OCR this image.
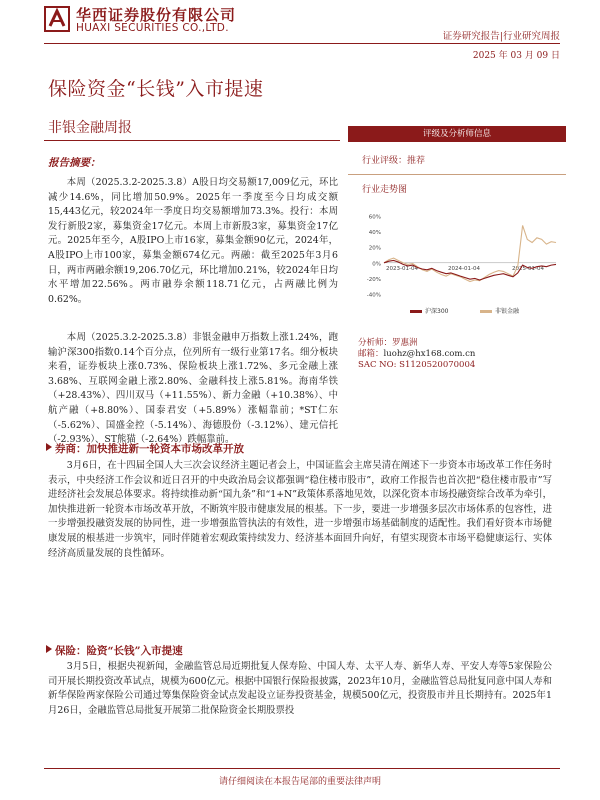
华西证券股份有限公司
HUAXI SECURITIES CO.,LTD.
证券研究报告|行业研究周报
2025 年 03 月 09 日
保险资金“长钱”入市提速
非银金融周报	评级及分析师信息
行业评级：推荐
行业走势图
60%
40%
20%
0%
-20%
-40%
2023-01-04	2024-01-04	2025-01-04
沪深300	非银金融
分析师：罗惠洲
邮箱：luohz@hx168.com.cn
SAC NO: S1120520070004
报告摘要：
本周（2025.3.2-2025.3.8）A股日均交易额17,009亿元，环比减少14.6%，同比增加50.9%。2025年一季度至今日均成交额15,443亿元，较2024年一季度日均交易额增加73.3%。投行：本周发行新股2家，募集资金17亿元。本周上市新股3家，募集资金17亿元。2025年至今，A股IPO上市16家，募集金额90亿元，2024年，A股IPO上市100家，募集金额674亿元。两融：截至2025年3月6日，两市两融余额19,206.70亿元，环比增加0.21%，较2024年日均水平增加22.56%。两市融券余额118.71亿元，占两融比例为0.62%。
本周（2025.3.2-2025.3.8）非银金融申万指数上涨1.24%，跑输沪深300指数0.14个百分点，位列所有一级行业第17名。细分板块来看，证券板块上涨0.73%、保险板块上涨1.72%、多元金融上涨3.68%、互联网金融上涨2.80%、金融科技上涨5.81%。海南华铁（+28.43%）、四川双马（+11.55%）、新力金融（+10.38%）、中航产融（+8.80%）、国泰君安（+5.89%）涨幅靠前；*ST仁东（-5.62%）、国盛金控（-5.14%）、海德股份（-3.12%）、建元信托（-2.93%）、ST熊猫（-2.64%）跌幅靠前。
券商：加快推进新一轮资本市场改革开放
3月6日，在十四届全国人大三次会议经济主题记者会上，中国证监会主席吴清在阐述下一步资本市场改革工作任务时表示，中央经济工作会议和近日召开的中央政治局会议都强调“稳住楼市股市”，政府工作报告也首次把“稳住楼市股市”写进经济社会发展总体要求。将持续推动新“国九条”和“1+N”政策体系落地见效，以深化资本市场投融资综合改革为牵引，加快推进新一轮资本市场改革开放，不断筑牢股市健康发展的根基。下一步，要进一步增强多层次市场体系的包容性，进一步增强投融资发展的协同性，进一步增强监管执法的有效性，进一步增强市场基础制度的适配性。我们看好资本市场健康发展的根基进一步筑牢，同时伴随着宏观政策持续发力、经济基本面回升向好，有望实现资本市场平稳健康运行、实体经济高质量发展的良性循环。
保险：险资“长钱”入市提速
3月5日，根据央视新闻，金融监管总局近期批复人保寿险、中国人寿、太平人寿、新华人寿、平安人寿等5家保险公司开展长期投资改革试点，规模为600亿元。根据中国银行保险报披露，2023年10月，金融监管总局批复同意中国人寿和新华保险两家保险公司通过筹集保险资金试点发起设立证券投资基金，规模500亿元，投资股市并且长期持有。2025年1月26日，金融监管总局批复开展第二批保险资金长期股票投
请仔细阅读在本报告尾部的重要法律声明
